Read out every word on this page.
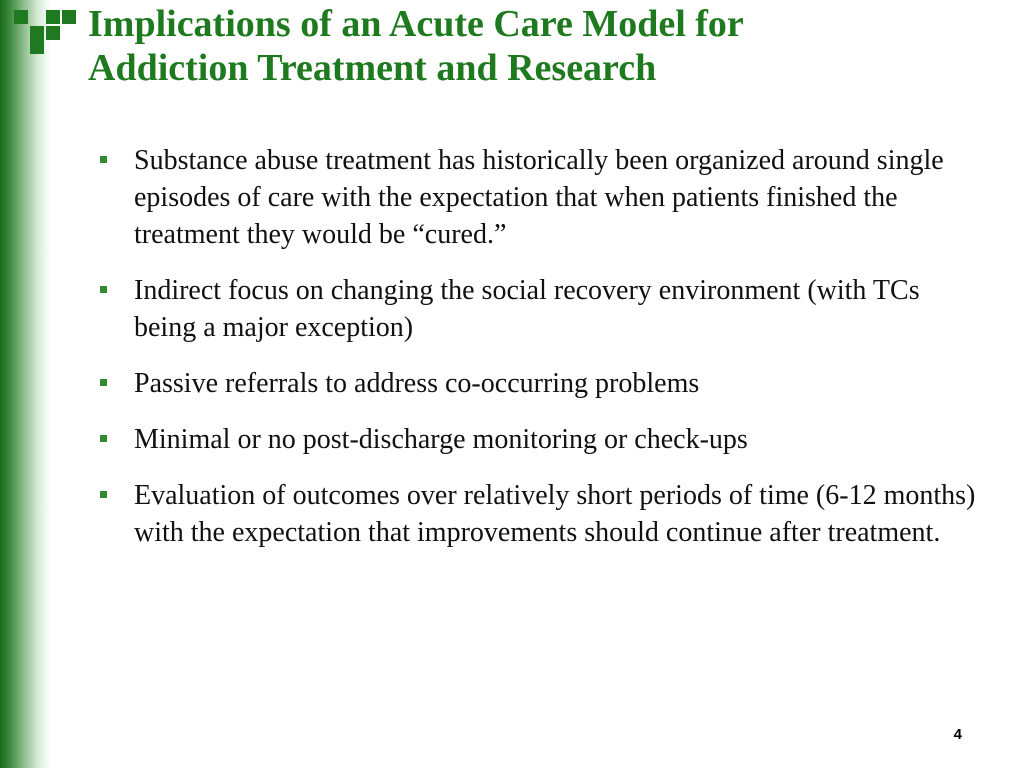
Implications of an Acute Care Model for
Addiction Treatment and Research
Substance abuse treatment has historically been organized around single episodes of care with the expectation that when patients finished the treatment they would be “cured.”
Indirect focus on changing the social recovery environment (with TCs being a major exception)
Passive referrals to address co-occurring problems
Minimal or no post-discharge monitoring or check-ups
Evaluation of outcomes over relatively short periods of time (6-12 months) with the expectation that improvements should continue after treatment.
4
